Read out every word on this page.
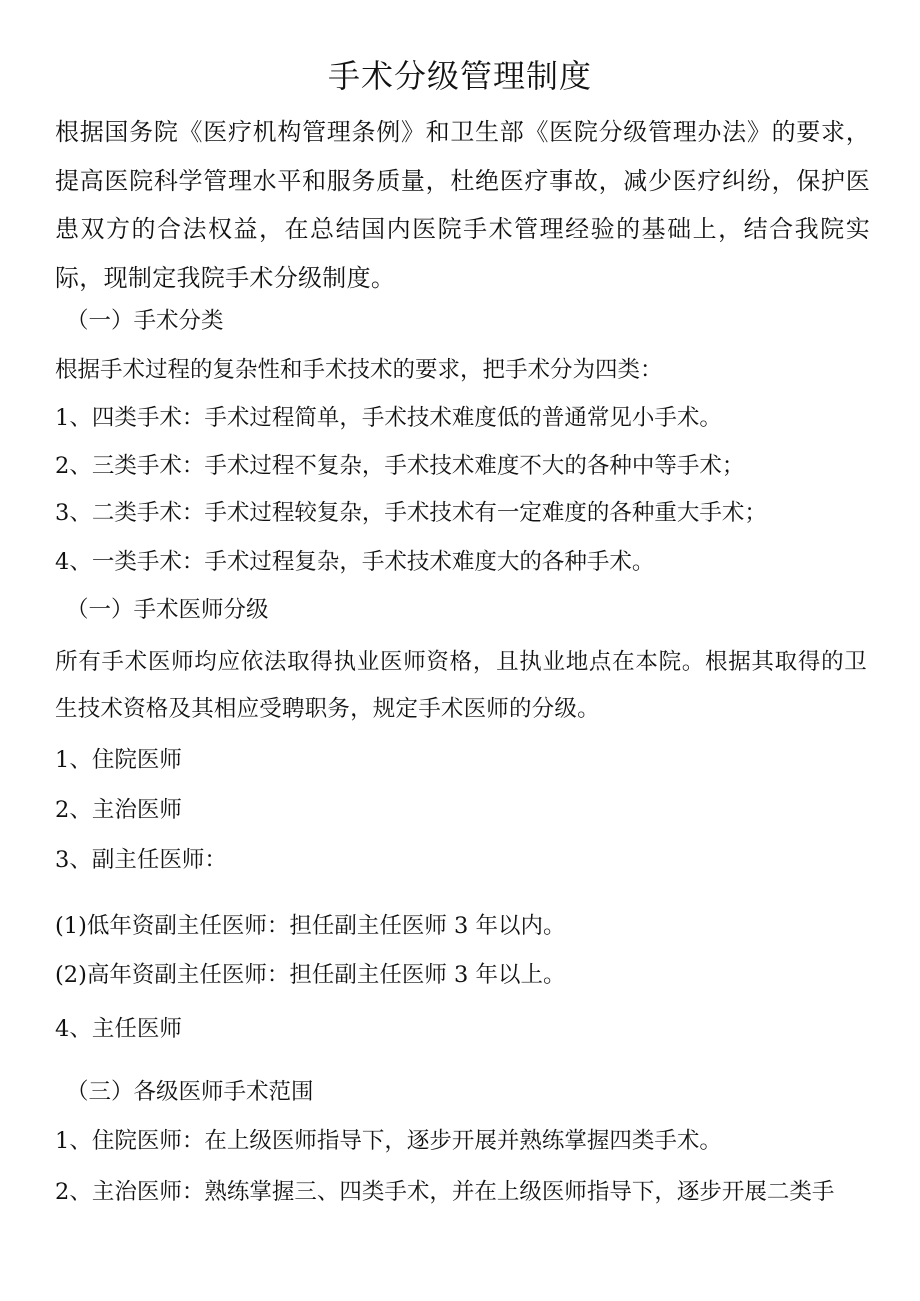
手术分级管理制度
根据国务院《医疗机构管理条例》和卫生部《医院分级管理办法》的要求，提高医院科学管理水平和服务质量，杜绝医疗事故，减少医疗纠纷，保护医患双方的合法权益，在总结国内医院手术管理经验的基础上，结合我院实际，现制定我院手术分级制度。
（一）手术分类
根据手术过程的复杂性和手术技术的要求，把手术分为四类：
1、四类手术：手术过程简单，手术技术难度低的普通常见小手术。
2、三类手术：手术过程不复杂，手术技术难度不大的各种中等手术；
3、二类手术：手术过程较复杂，手术技术有一定难度的各种重大手术；
4、一类手术：手术过程复杂，手术技术难度大的各种手术。
（一）手术医师分级
所有手术医师均应依法取得执业医师资格，且执业地点在本院。根据其取得的卫生技术资格及其相应受聘职务，规定手术医师的分级。
1、住院医师
2、主治医师
3、副主任医师：
(1)低年资副主任医师：担任副主任医师 3 年以内。
(2)高年资副主任医师：担任副主任医师 3 年以上。
4、主任医师
（三）各级医师手术范围
1、住院医师：在上级医师指导下，逐步开展并熟练掌握四类手术。
2、主治医师：熟练掌握三、四类手术，并在上级医师指导下，逐步开展二类手
